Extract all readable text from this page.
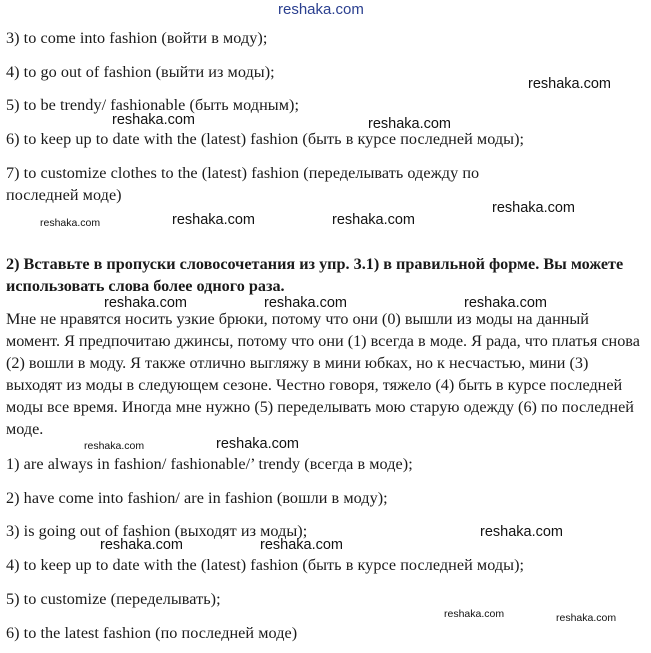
reshaka.com

3) to come into fashion (войти в моду);

4) to go out of fashion (выйти из моды);

5) to be trendy/ fashionable (быть модным);

6) to keep up to date with the (latest) fashion (быть в курсе последней моды);

7) to customize clothes to the (latest) fashion (переделывать одежду по

последней моде)

2) Вставьте в пропуски словосочетания из упр. 3.1) в правильной форме. Вы можете использовать слова более одного раза.

Мне не нравятся носить узкие брюки, потому что они (0) вышли из моды на данный момент. Я предпочитаю джинсы, потому что они (1) всегда в моде. Я рада, что платья снова (2) вошли в моду. Я также отлично выгляжу в мини юбках, но к несчастью, мини (3) выходят из моды в следующем сезоне. Честно говоря, тяжело (4) быть в курсе последней моды все время. Иногда мне нужно (5) переделывать мою старую одежду (6) по последней моде.

1) are always in fashion/ fashionable/’ trendy (всегда в моде);

2) have come into fashion/ are in fashion (вошли в моду);

3) is going out of fashion (выходят из моды);

4) to keep up to date with the (latest) fashion (быть в курсе последней моды);

5) to customize (переделывать);

6) to the latest fashion (по последней моде)

reshaka.com
reshaka.com	reshaka.com
reshaka.com	reshaka.com	reshaka.com
reshaka.com
reshaka.com	reshaka.com	reshaka.com
reshaka.com	reshaka.com
reshaka.com
reshaka.com	reshaka.com
reshaka.com	reshaka.com
